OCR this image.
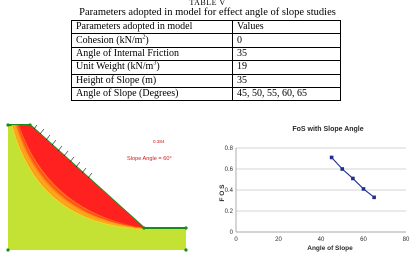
TABLE V
Parameters adopted in model for effect angle of slope studies
Parameters adopted in model	Values
Cohesion $(kN/m^2)$	0
Angle of Internal Friction	35
Unit Weight $(kN/m^3)$	19
Height of Slope (m)	35
Angle of Slope (Degrees)	45, 50, 55, 60, 65
0.384
Slope Angle = 60°
FoS with Slope Angle
F O S
Angle of Slope
0
0.2
0.4
0.6
0.8
0	20	40	60	80
